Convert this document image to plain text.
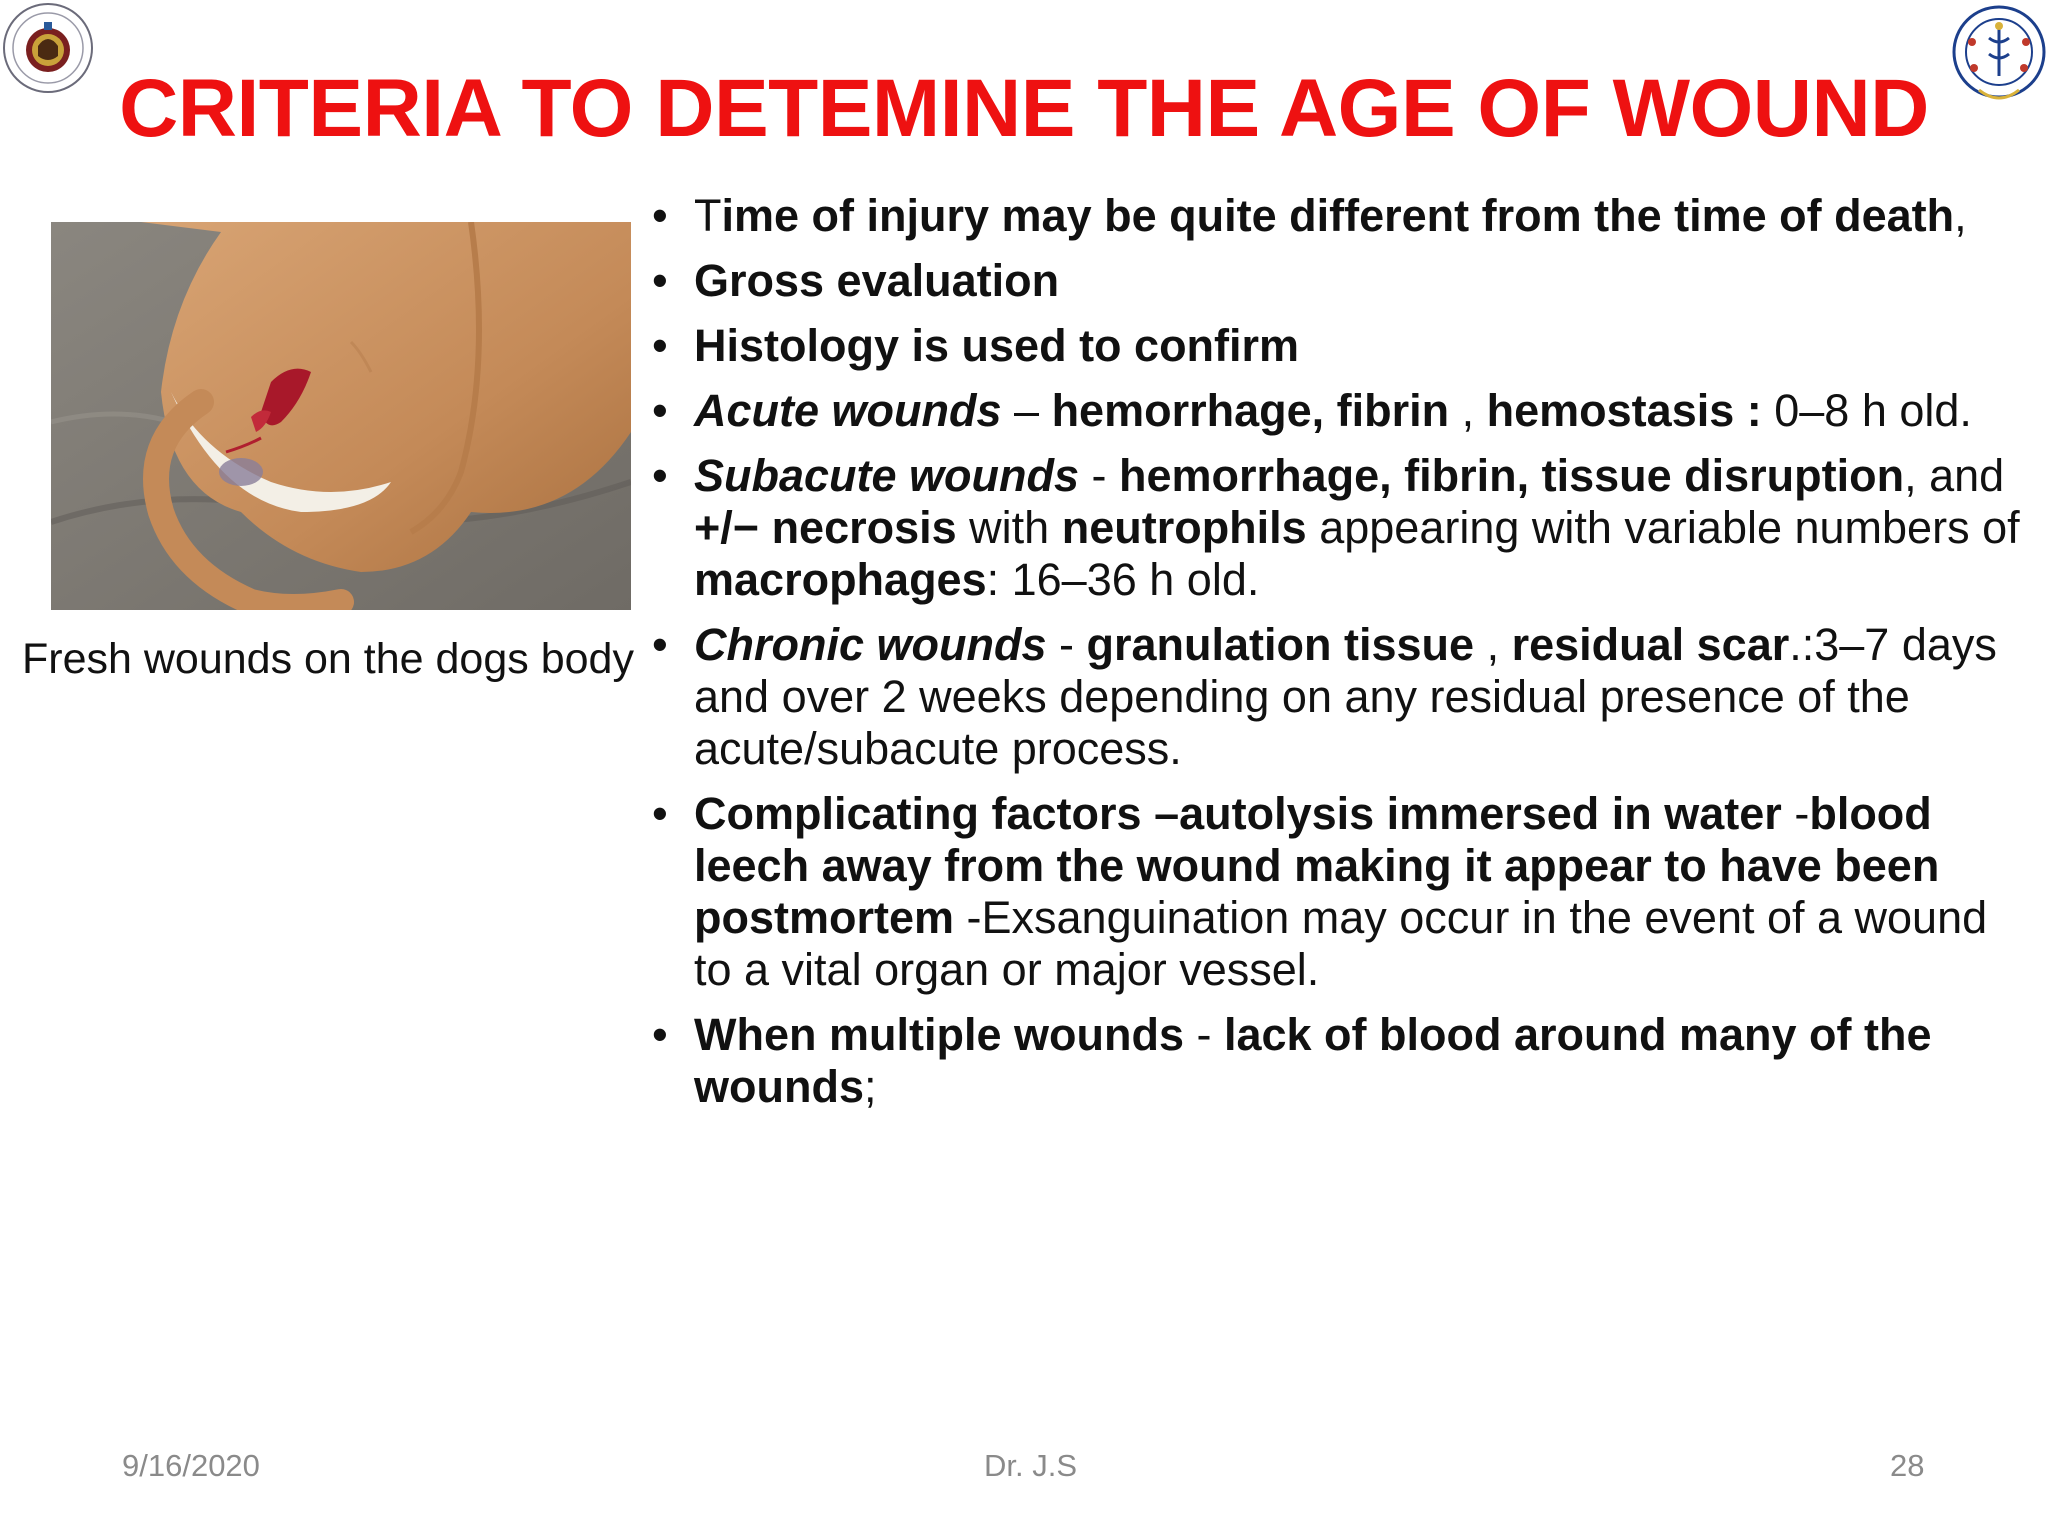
CRITERIA TO DETEMINE THE AGE OF WOUND
Fresh wounds on the dogs body
• Time of injury may be quite different from the time of death,
• Gross evaluation
• Histology is used to confirm
• Acute wounds – hemorrhage, fibrin , hemostasis : 0–8 h old.
• Subacute wounds - hemorrhage, fibrin, tissue disruption, and +/− necrosis with neutrophils appearing with variable numbers of macrophages: 16–36 h old.
• Chronic wounds - granulation tissue , residual scar.:3–7 days and over 2 weeks depending on any residual presence of the acute/subacute process.
• Complicating factors –autolysis immersed in water -blood leech away from the wound making it appear to have been postmortem -Exsanguination may occur in the event of a wound to a vital organ or major vessel.
• When multiple wounds - lack of blood around many of the wounds;
9/16/2020	Dr. J.S	28
